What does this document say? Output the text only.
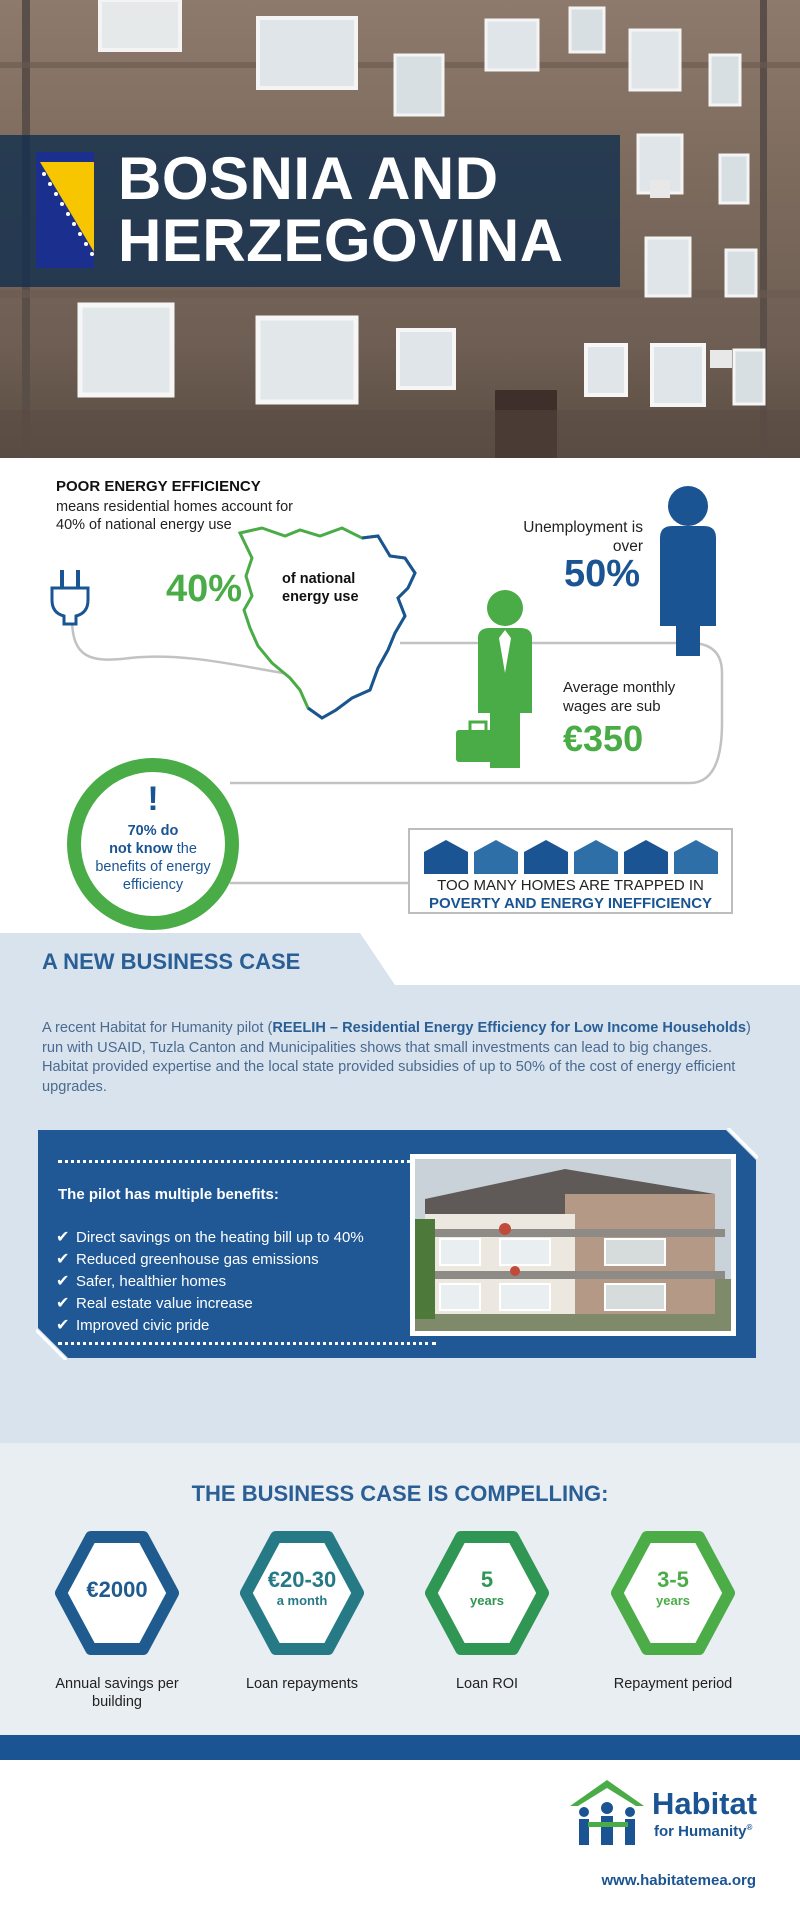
BOSNIA AND
HERZEGOVINA
POOR ENERGY EFFICIENCY
means residential homes account for 40% of national energy use
40%	of national energy use
Unemployment is over
50%
Average monthly wages are sub
€350
!
70% do
not know the benefits of energy efficiency	TOO MANY HOMES ARE TRAPPED IN
POVERTY AND ENERGY INEFFICIENCY
A NEW BUSINESS CASE
A recent Habitat for Humanity pilot (REELIH – Residential Energy Efficiency for Low Income Households) run with USAID, Tuzla Canton and Municipalities shows that small investments can lead to big changes. Habitat provided expertise and the local state provided subsidies of up to 50% of the cost of energy efficient upgrades.
The pilot has multiple benefits:
✔ Direct savings on the heating bill up to 40%
✔ Reduced greenhouse gas emissions
✔ Safer, healthier homes
✔ Real estate value increase
✔ Improved civic pride
THE BUSINESS CASE IS COMPELLING:
€2000
Annual savings per building
€20-30
a month
Loan repayments
5
years
Loan ROI
3-5
years
Repayment period
Habitat
for Humanity®
www.habitatemea.org
